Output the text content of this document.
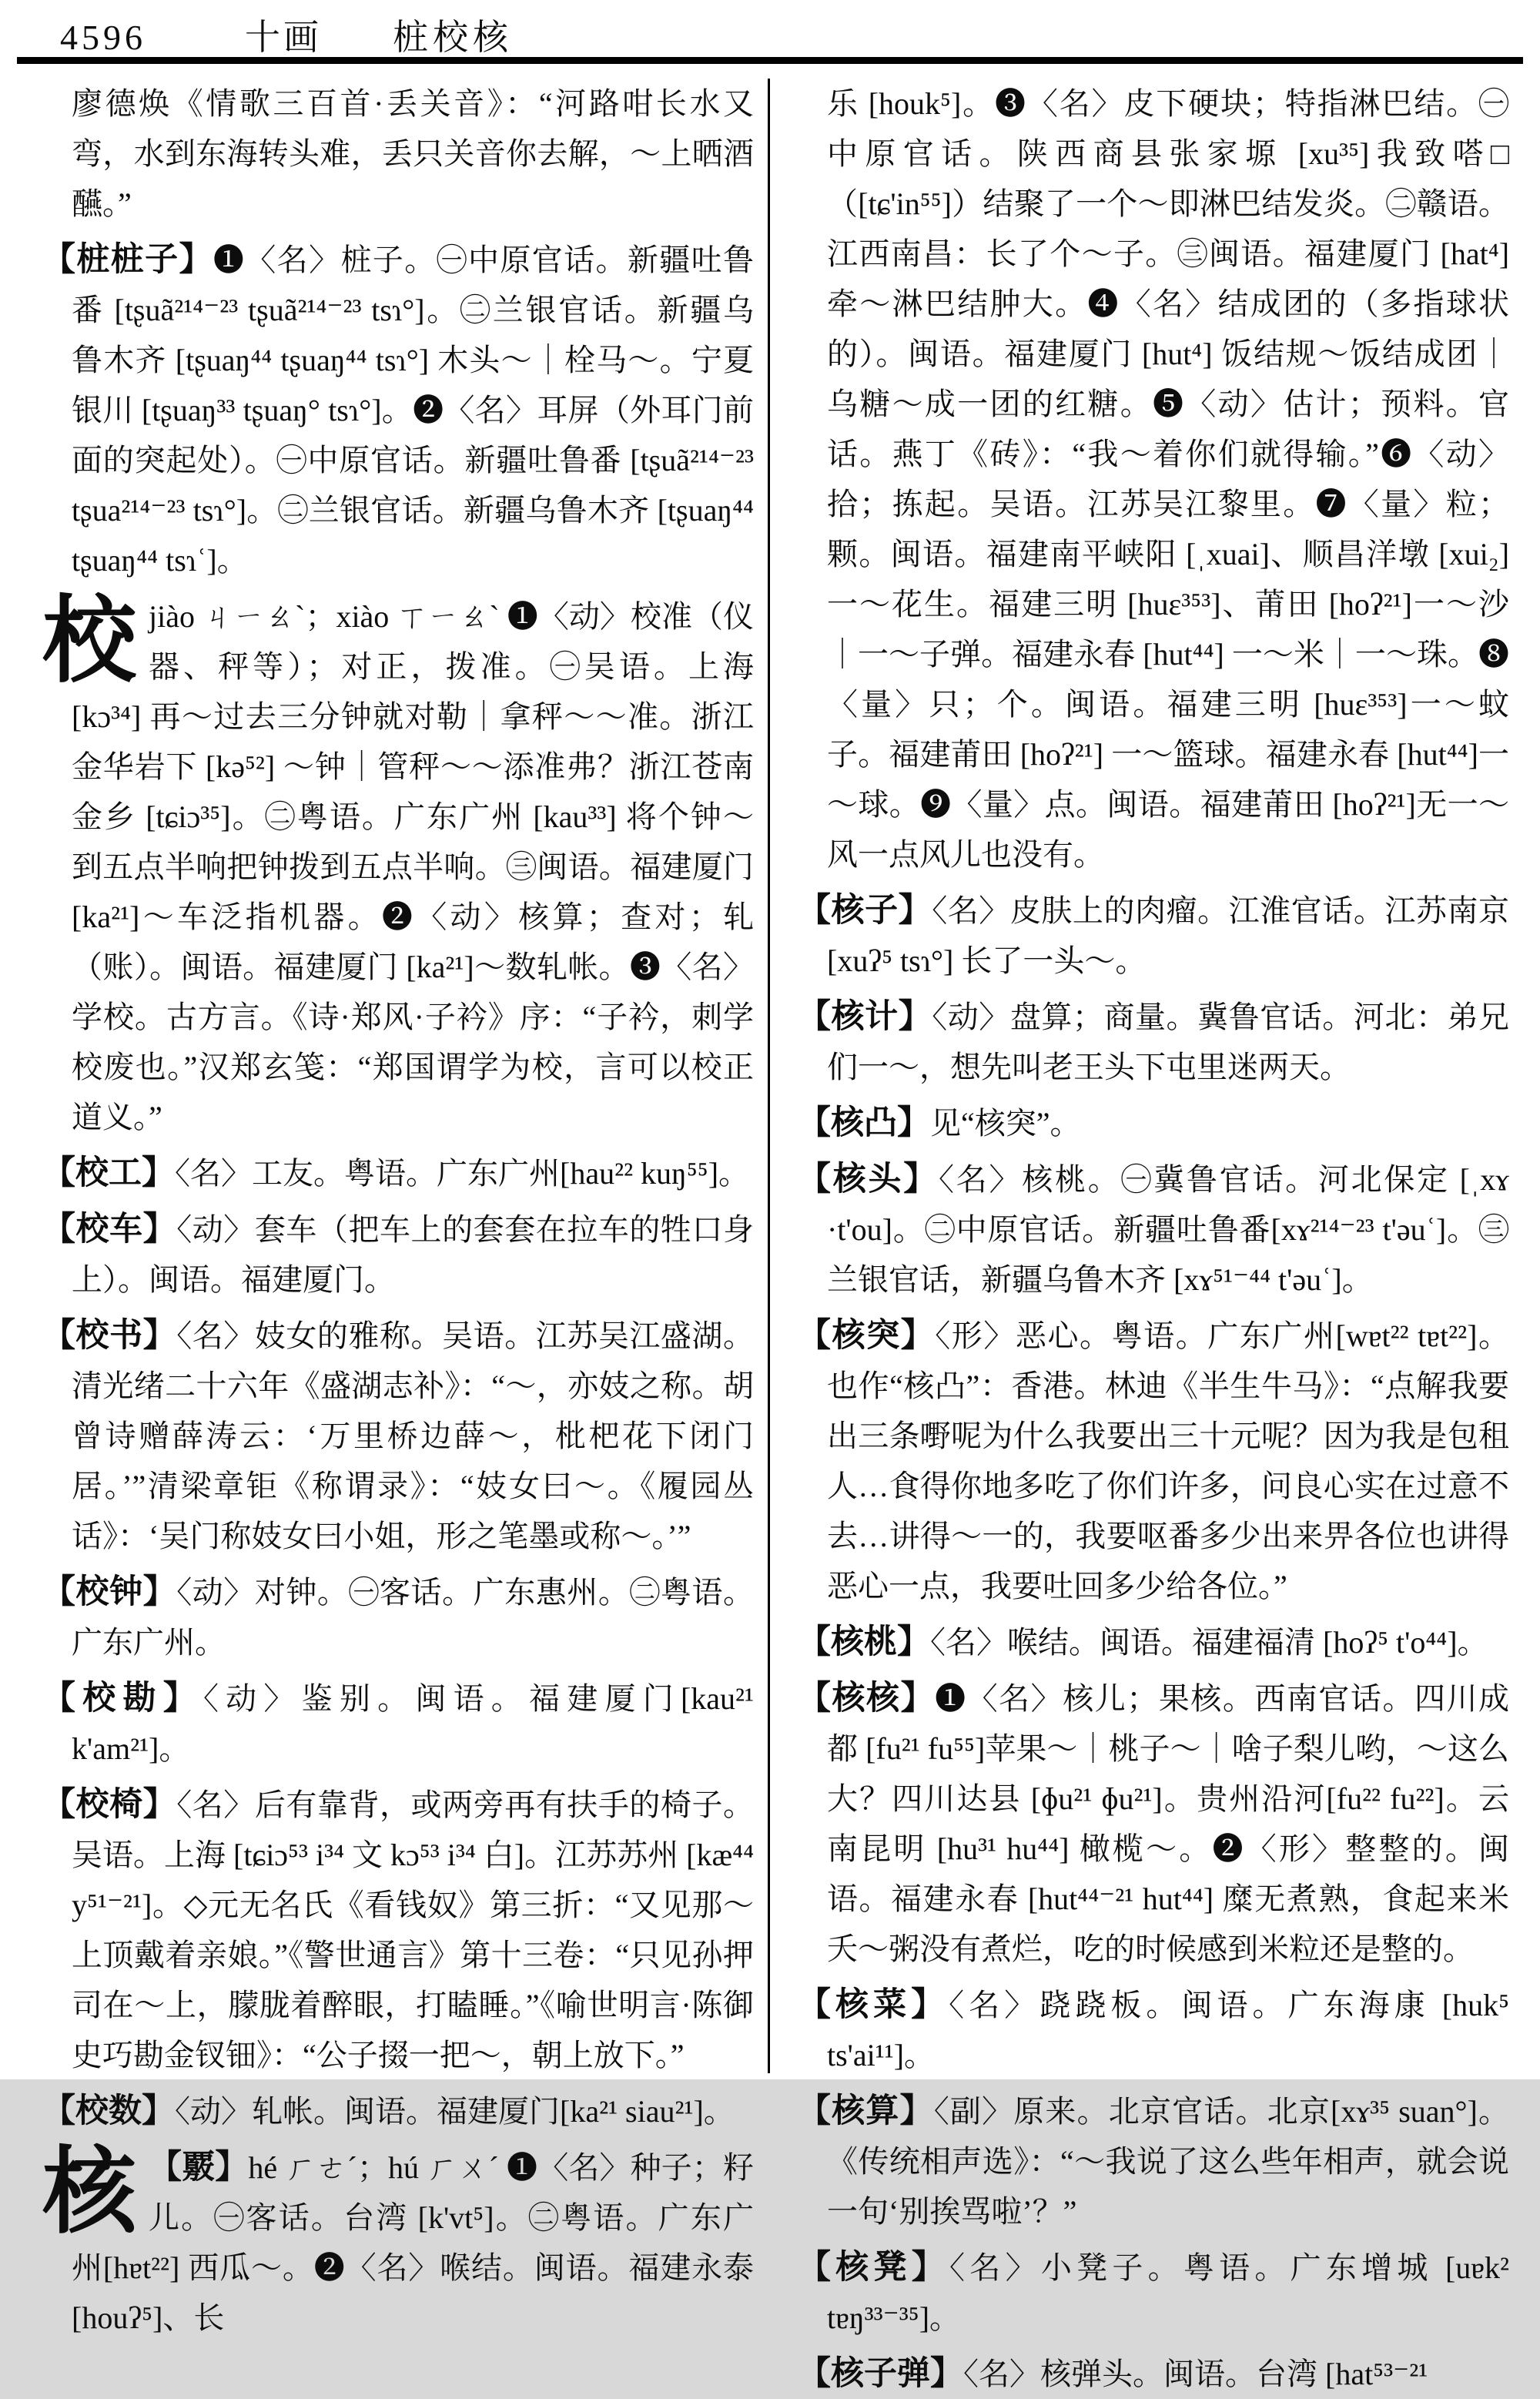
4596	十画 桩校核

廖德焕《情歌三百首·丢关音》：“河路咁长水又弯，水到东海转头难，丢只关音你去解，～上晒酒醼。”

【桩桩子】❶〈名〉桩子。㊀中原官话。新疆吐鲁番 [tʂuã²¹⁴⁻²³ tʂuã²¹⁴⁻²³ tsɿ°]。㊁兰银官话。新疆乌鲁木齐 [tʂuaŋ⁴⁴ tʂuaŋ⁴⁴ tsɿ°] 木头～｜栓马～。宁夏银川 [tʂuaŋ³³ tʂuaŋ° tsɿ°]。❷〈名〉耳屏（外耳门前面的突起处）。㊀中原官话。新疆吐鲁番 [tʂuã²¹⁴⁻²³ tʂua²¹⁴⁻²³ tsɿ°]。㊁兰银官话。新疆乌鲁木齐 [tʂuaŋ⁴⁴ tʂuaŋ⁴⁴ tsɿʿ]。

校jiào ㄐㄧㄠˋ；xiào ㄒㄧㄠˋ ❶〈动〉校准（仪器、秤等）；对正，拨准。㊀吴语。上海 [kɔ³⁴] 再～过去三分钟就对勒｜拿秤～～准。浙江金华岩下 [kə⁵²] ～钟｜管秤～～添准弗？浙江苍南金乡 [tɕiɔ³⁵]。㊁粤语。广东广州 [kau³³] 将个钟～到五点半响把钟拨到五点半响。㊂闽语。福建厦门 [ka²¹]～车泛指机器。❷〈动〉核算；查对；轧（账）。闽语。福建厦门 [ka²¹]～数轧帐。❸〈名〉学校。古方言。《诗·郑风·子衿》序：“子衿，刺学校废也。”汉郑玄笺：“郑国谓学为校，言可以校正道义。”

【校工】〈名〉工友。粤语。广东广州[hau²² kuŋ⁵⁵]。

【校车】〈动〉套车（把车上的套套在拉车的牲口身上）。闽语。福建厦门。

【校书】〈名〉妓女的雅称。吴语。江苏吴江盛湖。清光绪二十六年《盛湖志补》：“～，亦妓之称。胡曾诗赠薛涛云：‘万里桥边薛～，枇杷花下闭门居。’”清梁章钜《称谓录》：“妓女曰～。《履园丛话》：‘吴门称妓女曰小姐，形之笔墨或称～。’”

【校钟】〈动〉对钟。㊀客话。广东惠州。㊁粤语。广东广州。

【校勘】〈动〉鉴别。闽语。福建厦门[kau²¹ k'am²¹]。

【校椅】〈名〉后有靠背，或两旁再有扶手的椅子。吴语。上海 [tɕiɔ⁵³ i³⁴ 文 kɔ⁵³ i³⁴ 白]。江苏苏州 [kæ⁴⁴ y⁵¹⁻²¹]。◇元无名氏《看钱奴》第三折：“又见那～上顶戴着亲娘。”《警世通言》第十三卷：“只见孙押司在～上，朦胧着醉眼，打瞌睡。”《喻世明言·陈御史巧勘金钗钿》：“公子掇一把～，朝上放下。”

【校数】〈动〉轧帐。闽语。福建厦门[ka²¹ siau²¹]。

核 【覈】hé ㄏㄜˊ；hú ㄏㄨˊ ❶〈名〉种子；籽儿。㊀客话。台湾 [k'vt⁵]。㊁粤语。广东广州[hɐt²²] 西瓜～。❷〈名〉喉结。闽语。福建永泰 [houʔ⁵]、长

乐 [houk⁵]。❸〈名〉皮下硬块；特指淋巴结。㊀中原官话。陕西商县张家塬 [xu³⁵]我致嗒□（[tɕ'in⁵⁵]）结聚了一个～即淋巴结发炎。㊁赣语。江西南昌：长了个～子。㊂闽语。福建厦门 [hat⁴] 牵～淋巴结肿大。❹〈名〉结成团的（多指球状的）。闽语。福建厦门 [hut⁴] 饭结规～饭结成团｜乌糖～成一团的红糖。❺〈动〉估计；预料。官话。燕丁《砖》：“我～着你们就得输。”❻〈动〉拾；拣起。吴语。江苏吴江黎里。❼〈量〉粒；颗。闽语。福建南平峡阳 [ˌxuai]、顺昌洋墩 [xui₂] 一～花生。福建三明 [huɛ³⁵³]、莆田 [hoʔ²¹]一～沙｜一～子弹。福建永春 [hut⁴⁴] 一～米｜一～珠。❽〈量〉只；个。闽语。福建三明 [huɛ³⁵³]一～蚊子。福建莆田 [hoʔ²¹] 一～篮球。福建永春 [hut⁴⁴]一～球。❾〈量〉点。闽语。福建莆田 [hoʔ²¹]无一～风一点风儿也没有。

【核子】〈名〉皮肤上的肉瘤。江淮官话。江苏南京 [xuʔ⁵ tsɿ°] 长了一头～。

【核计】〈动〉盘算；商量。冀鲁官话。河北：弟兄们一～，想先叫老王头下屯里迷两天。

【核凸】见“核突”。

【核头】〈名〉核桃。㊀冀鲁官话。河北保定 [ˌxɤ ·t'ou]。㊁中原官话。新疆吐鲁番[xɤ²¹⁴⁻²³ t'əuʿ]。㊂兰银官话，新疆乌鲁木齐 [xɤ⁵¹⁻⁴⁴ t'əuʿ]。

【核突】〈形〉恶心。粤语。广东广州[wɐt²² tɐt²²]。也作“核凸”：香港。林迪《半生牛马》：“点解我要出三条嘢呢为什么我要出三十元呢？因为我是包租人…食得你地多吃了你们许多，问良心实在过意不去…讲得～一的，我要呕番多少出来畀各位也讲得恶心一点，我要吐回多少给各位。”

【核桃】〈名〉喉结。闽语。福建福清 [hoʔ⁵ t'o⁴⁴]。

【核核】❶〈名〉核儿；果核。西南官话。四川成都 [fu²¹ fu⁵⁵]苹果～｜桃子～｜啥子梨儿哟，～这么大？四川达县 [ɸu²¹ ɸu²¹]。贵州沿河[fu²² fu²²]。云南昆明 [hu³¹ hu⁴⁴] 橄榄～。❷〈形〉整整的。闽语。福建永春 [hut⁴⁴⁻²¹ hut⁴⁴] 糜无煮熟，食起来米夭～粥没有煮烂，吃的时候感到米粒还是整的。

【核菜】〈名〉跷跷板。闽语。广东海康 [huk⁵ ts'ai¹¹]。

【核算】〈副〉原来。北京官话。北京[xɤ³⁵ suan°]。《传统相声选》：“～我说了这么些年相声，就会说一句‘别挨骂啦’？”

【核凳】〈名〉小凳子。粤语。广东增城 [uɐk² tɐŋ³³⁻³⁵]。

【核子弹】〈名〉核弹头。闽语。台湾 [hat⁵³⁻²¹
